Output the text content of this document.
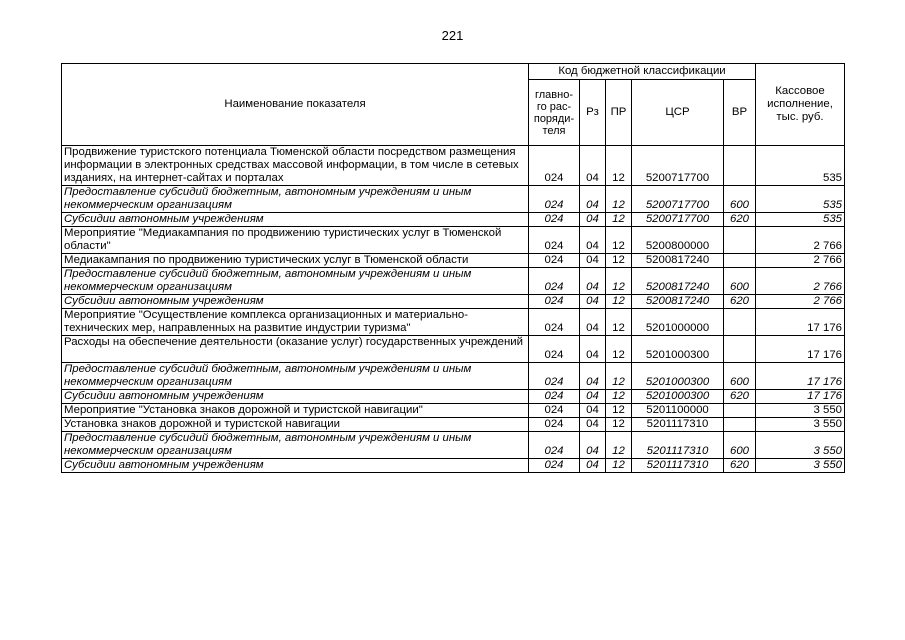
221
Наименование показателя	Код бюджетной классификации					Кассовое исполнение, тыс. руб.
	главно-го рас-поряди-теля	Рз	ПР	ЦСР	ВР	
Продвижение туристского потенциала Тюменской области посредством размещения информации в электронных средствах массовой информации, в том числе в сетевых изданиях, на интернет-сайтах и порталах	024	04	12	5200717700		535
Предоставление субсидий бюджетным, автономным учреждениям и иным некоммерческим организациям	024	04	12	5200717700	600	535
Субсидии автономным учреждениям	024	04	12	5200717700	620	535
Мероприятие "Медиакампания по продвижению туристических услуг в Тюменской области"	024	04	12	5200800000		2 766
Медиакампания по продвижению туристических услуг в Тюменской области	024	04	12	5200817240		2 766
Предоставление субсидий бюджетным, автономным учреждениям и иным некоммерческим организациям	024	04	12	5200817240	600	2 766
Субсидии автономным учреждениям	024	04	12	5200817240	620	2 766
Мероприятие "Осуществление комплекса организационных и материально-технических мер, направленных на развитие индустрии туризма"	024	04	12	5201000000		17 176
Расходы на обеспечение деятельности (оказание услуг) государственных учреждений	024	04	12	5201000300		17 176
Предоставление субсидий бюджетным, автономным учреждениям и иным некоммерческим организациям	024	04	12	5201000300	600	17 176
Субсидии автономным учреждениям	024	04	12	5201000300	620	17 176
Мероприятие "Установка знаков дорожной и туристской навигации"	024	04	12	5201100000		3 550
Установка знаков дорожной и туристской навигации	024	04	12	5201117310		3 550
Предоставление субсидий бюджетным, автономным учреждениям и иным некоммерческим организациям	024	04	12	5201117310	600	3 550
Субсидии автономным учреждениям	024	04	12	5201117310	620	3 550
